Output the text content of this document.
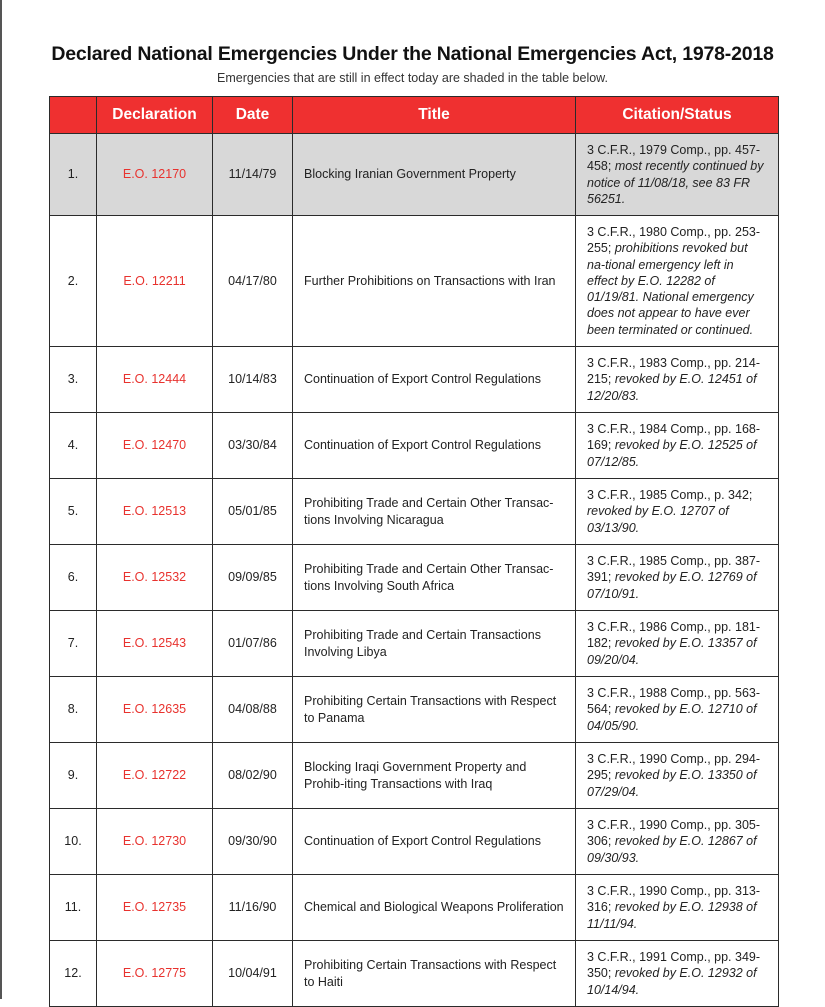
Declared National Emergencies Under the National Emergencies Act, 1978-2018
Emergencies that are still in effect today are shaded in the table below.
	Declaration	Date	Title	Citation/Status
1.	E.O. 12170	11/14/79	Blocking Iranian Government Property	3 C.F.R., 1979 Comp., pp. 457-458; most recently continued by notice of 11/08/18, see 83 FR 56251.
2.	E.O. 12211	04/17/80	Further Prohibitions on Transactions with Iran	3 C.F.R., 1980 Comp., pp. 253-255; prohibitions revoked but na-tional emergency left in effect by E.O. 12282 of 01/19/81. National emergency does not appear to have ever been terminated or continued.
3.	E.O. 12444	10/14/83	Continuation of Export Control Regulations	3 C.F.R., 1983 Comp., pp. 214-215; revoked by E.O. 12451 of 12/20/83.
4.	E.O. 12470	03/30/84	Continuation of Export Control Regulations	3 C.F.R., 1984 Comp., pp. 168-169; revoked by E.O. 12525 of 07/12/85.
5.	E.O. 12513	05/01/85	Prohibiting Trade and Certain Other Transac-tions Involving Nicaragua	3 C.F.R., 1985 Comp., p. 342; revoked by E.O. 12707 of 03/13/90.
6.	E.O. 12532	09/09/85	Prohibiting Trade and Certain Other Transac-tions Involving South Africa	3 C.F.R., 1985 Comp., pp. 387-391; revoked by E.O. 12769 of 07/10/91.
7.	E.O. 12543	01/07/86	Prohibiting Trade and Certain Transactions Involving Libya	3 C.F.R., 1986 Comp., pp. 181-182; revoked by E.O. 13357 of 09/20/04.
8.	E.O. 12635	04/08/88	Prohibiting Certain Transactions with Respect to Panama	3 C.F.R., 1988 Comp., pp. 563-564; revoked by E.O. 12710 of 04/05/90.
9.	E.O. 12722	08/02/90	Blocking Iraqi Government Property and Prohib-iting Transactions with Iraq	3 C.F.R., 1990 Comp., pp. 294-295; revoked by E.O. 13350 of 07/29/04.
10.	E.O. 12730	09/30/90	Continuation of Export Control Regulations	3 C.F.R., 1990 Comp., pp. 305-306; revoked by E.O. 12867 of 09/30/93.
11.	E.O. 12735	11/16/90	Chemical and Biological Weapons Proliferation	3 C.F.R., 1990 Comp., pp. 313-316; revoked by E.O. 12938 of 11/11/94.
12.	E.O. 12775	10/04/91	Prohibiting Certain Transactions with Respect to Haiti	3 C.F.R., 1991 Comp., pp. 349-350; revoked by E.O. 12932 of 10/14/94.
